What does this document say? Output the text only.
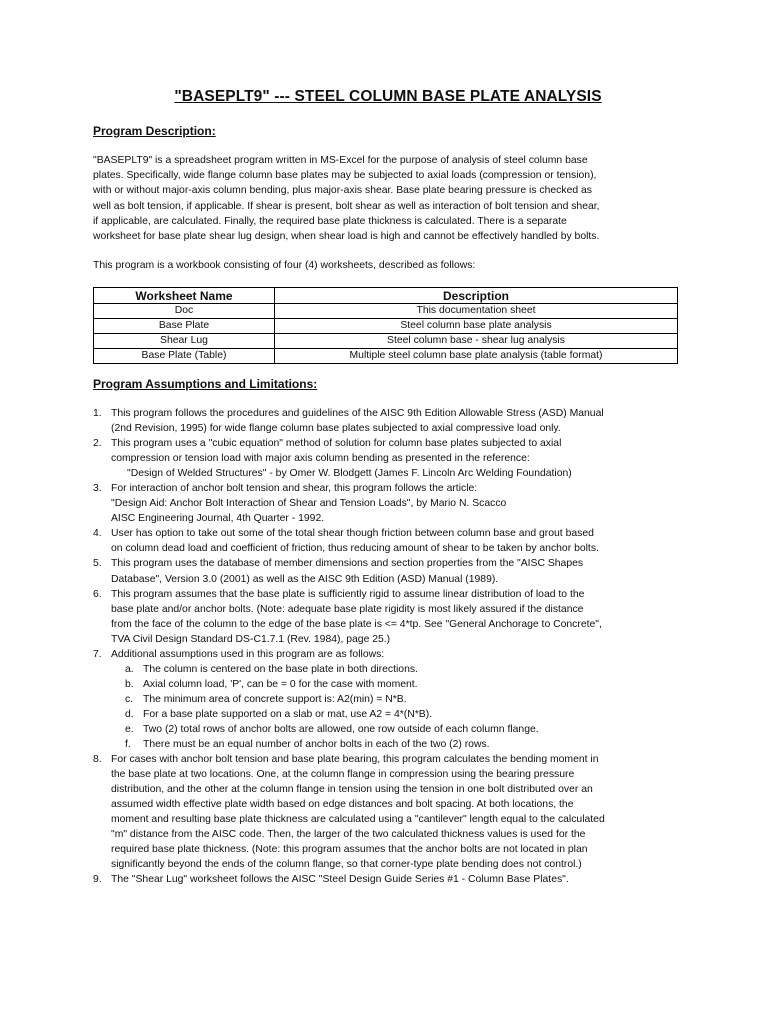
"BASEPLT9" --- STEEL COLUMN BASE PLATE ANALYSIS
Program Description:
"BASEPLT9" is a spreadsheet program written in MS-Excel for the purpose of analysis of steel column base
plates. Specifically, wide flange column base plates may be subjected to axial loads (compression or tension),
with or without major-axis column bending, plus major-axis shear. Base plate bearing pressure is checked as
well as bolt tension, if applicable. If shear is present, bolt shear as well as interaction of bolt tension and shear,
if applicable, are calculated. Finally, the required base plate thickness is calculated. There is a separate
worksheet for base plate shear lug design, when shear load is high and cannot be effectively handled by bolts.

This program is a workbook consisting of four (4) worksheets, described as follows:

Worksheet Name	Description
Doc	This documentation sheet
Base Plate	Steel column base plate analysis
Shear Lug	Steel column base - shear lug analysis
Base Plate (Table)	Multiple steel column base plate analysis (table format)
Program Assumptions and Limitations:
1. This program follows the procedures and guidelines of the AISC 9th Edition Allowable Stress (ASD) Manual
(2nd Revision, 1995) for wide flange column base plates subjected to axial compressive load only.
2. This program uses a "cubic equation" method of solution for column base plates subjected to axial
compression or tension load with major axis column bending as presented in the reference:
"Design of Welded Structures" - by Omer W. Blodgett (James F. Lincoln Arc Welding Foundation)
3. For interaction of anchor bolt tension and shear, this program follows the article:
"Design Aid: Anchor Bolt Interaction of Shear and Tension Loads", by Mario N. Scacco
AISC Engineering Journal, 4th Quarter - 1992.
4. User has option to take out some of the total shear though friction between column base and grout based
on column dead load and coefficient of friction, thus reducing amount of shear to be taken by anchor bolts.
5. This program uses the database of member dimensions and section properties from the "AISC Shapes
Database", Version 3.0 (2001) as well as the AISC 9th Edition (ASD) Manual (1989).
6. This program assumes that the base plate is sufficiently rigid to assume linear distribution of load to the
base plate and/or anchor bolts. (Note: adequate base plate rigidity is most likely assured if the distance
from the face of the column to the edge of the base plate is <= 4*tp. See "General Anchorage to Concrete",
TVA Civil Design Standard DS-C1.7.1 (Rev. 1984), page 25.)
7. Additional assumptions used in this program are as follows:
a. The column is centered on the base plate in both directions.
b. Axial column load, 'P', can be = 0 for the case with moment.
c. The minimum area of concrete support is: A2(min) = N*B.
d. For a base plate supported on a slab or mat, use A2 = 4*(N*B).
e. Two (2) total rows of anchor bolts are allowed, one row outside of each column flange.
f. There must be an equal number of anchor bolts in each of the two (2) rows.
8. For cases with anchor bolt tension and base plate bearing, this program calculates the bending moment in
the base plate at two locations. One, at the column flange in compression using the bearing pressure
distribution, and the other at the column flange in tension using the tension in one bolt distributed over an
assumed width effective plate width based on edge distances and bolt spacing. At both locations, the
moment and resulting base plate thickness are calculated using a "cantilever" length equal to the calculated
"m" distance from the AISC code. Then, the larger of the two calculated thickness values is used for the
required base plate thickness. (Note: this program assumes that the anchor bolts are not located in plan
significantly beyond the ends of the column flange, so that corner-type plate bending does not control.)
9. The "Shear Lug" worksheet follows the AISC "Steel Design Guide Series #1 - Column Base Plates".
